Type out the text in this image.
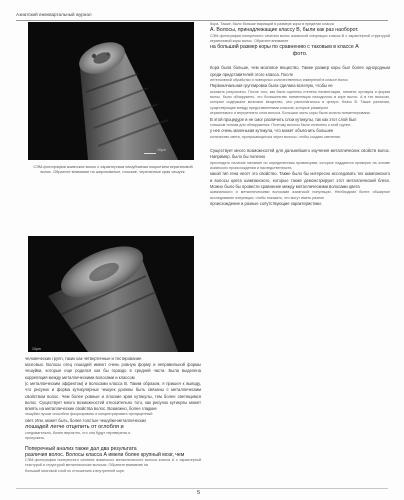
Азиатский ежеквартальный журнал
10μm
СЭМ-фотография азиатских волос с характерным чешуйчатым покрытием кератиновой волос. Обратите внимание на шероховатые, плоские, черепичные края чешуек.
10μm

человеческих групп, таких как четвертичные и тестирование

мозговых. Волосы отец лошадей имеют очень ровную форму и неправильной формы чешуйки, которые еще родился как бы гораздо в средней части. Была выделена корреляция между металлическими волосами и классом

(с металлическим эффектом) и волосами класса В. Таким образом, я пришел к выводу, что рисунок и форма кутикулярных чешуек должны быть связаны с металлическим свойством волос. Чем более ровные и плоские края кутикулы, тем более светящимся волос. Существует много возможностей относительно того, как рисунок кутикулы может влиять на металлические свойства волос. Возможно, более гладкие

чешуйки лучше способны фокусировать и концентрировать пропущенный

свет. Или, может быть, более толстые чешуйки-металлических

лошадей легче отцепить от оглобля и

следовательно, более вероятно, что они будут переверены и

пропускать.

Поперечный анализ также дал два результата

различия волос. Волосы класса А имели более крупный мозг, чем

СЭМ-фотография поперечного сечения азиатского металлического волоса класса А с характерной текстурой и структурой металлических волосах. Обратите внимание на

больший мозговой слой по отношению к внутренней коре.

Кора. Также, было больше вариаций в размере коры в пределах класса

А. Волосы, принадлежащие классу В, были как раз наоборот.

СЭМ-фотография поперечного сечения волос азиатской популяции класса В с характерной структурой кератиновой коры волос. Обратите внимание

на больший размер коры по сравнению с таковым в классе А

фото.

Кора была больше, чем мозговое вещество. Также размер коры был более однородным среди представителей этого класса. После

интенсивной обработки и повторных количественных измерений в классе волос

Первоначальная группировка была сделана вслепую, чтобы не

исказить результаты. После того, как были оценены степень пигментации, пигмент, кутикула и форма волос, было обнаружено, что большинство пигментации находилось в коре волос. А в тех волосах, которые содержали мозговое вещество, оно располагалось в центре. Класс В. Также различия, существующие между представителями классов, которые размером

кератинового и внутреннего слоя волоса. Большая часть коры была сильно пигментирована.

В этой процедуре и не смог различить слои кутикулы, так как этот слой был

слишком тонким для обнаружения. Поэтому волосы были отнесены к этой группе,

у нее очень маленькая кутикула, что может объяснить большее

количество света, пропускающегося через волосы, чтобы создать свечение.

Существует много возможностей для дальнейшего изучения металлических свойств волос. Например, было бы полезно

проследить наличие меланин по определенным провинциям, которые поддаются проверке на основе азиатского происхождения и наследственности,

какой тип гена несет это свойство. Также было бы интересно исследовать тех шампанского и волосы цвета шампанского, которые также демонстрируют этот металлический блеск. Можно было бы провести сравнение между металлическими волосами цвета

шампанского и металлическими волосами азиатской популяции. Необходимо более обширное исследование популяции, чтобы показать, что могут иметь разное

происхождение и разные сопутствующие характеристики.

5
